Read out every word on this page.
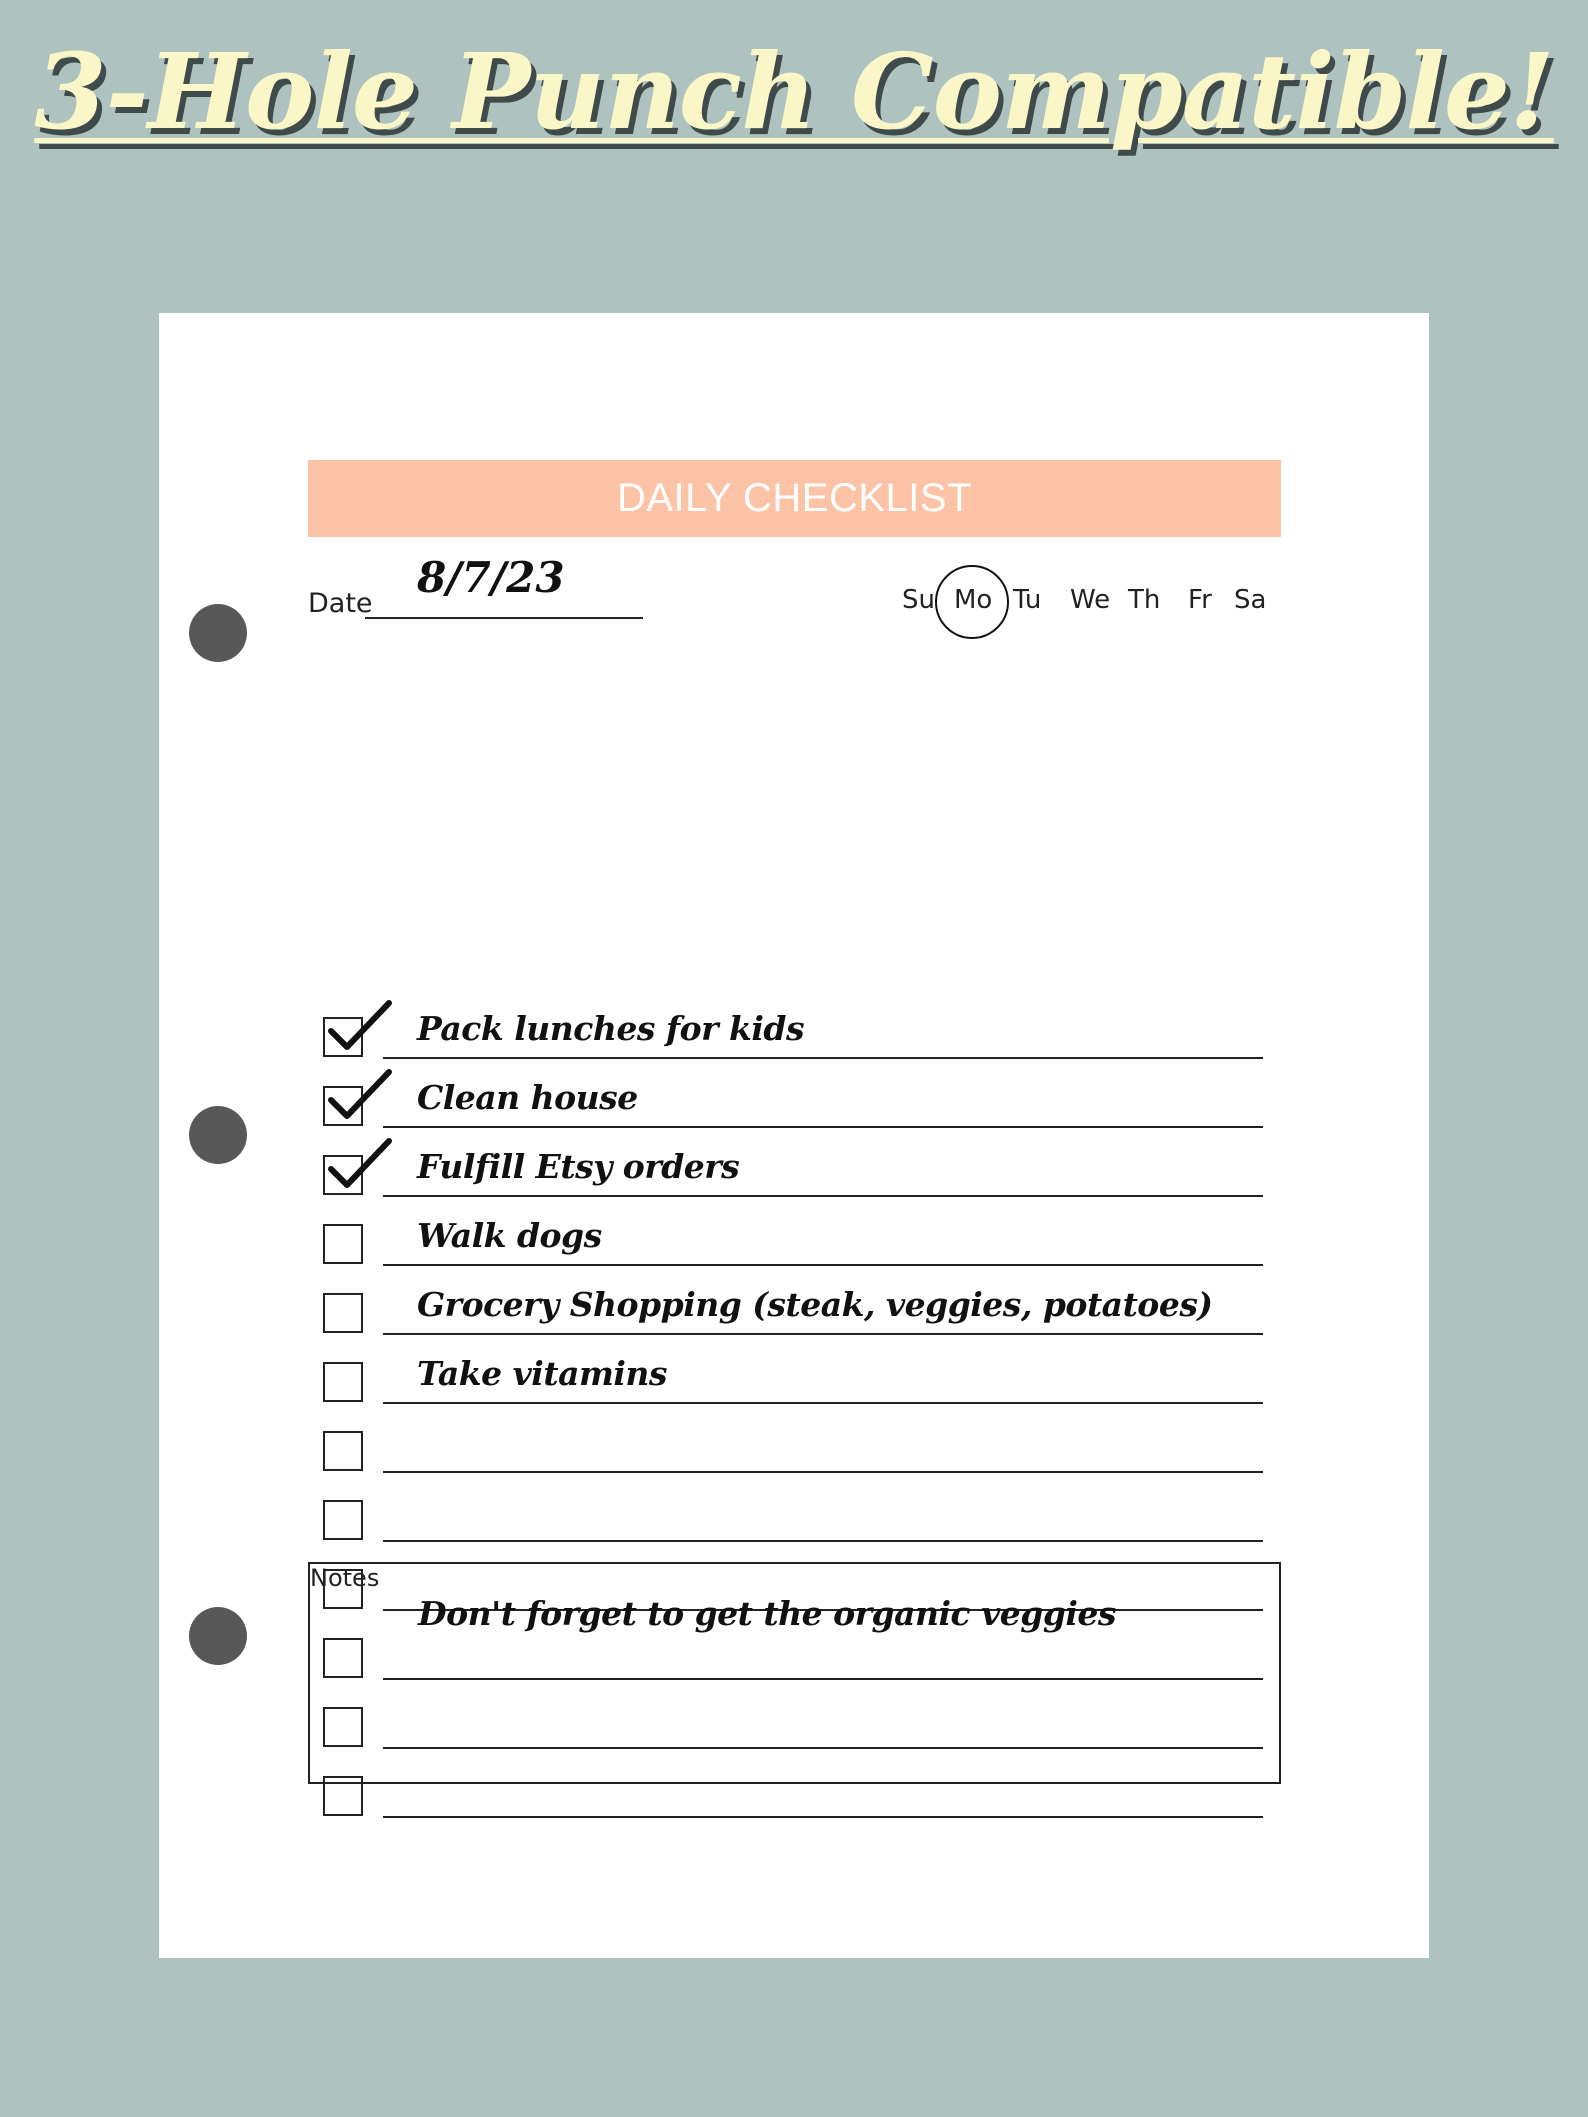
3-Hole Punch Compatible!
DAILY CHECKLIST
Date
8/7/23	Su Mo Tu We Th Fr Sa
Pack lunches for kids
Clean house
Fulfill Etsy orders
Walk dogs
Grocery Shopping (steak, veggies, potatoes)
Take vitamins
Notes
Don't forget to get the organic veggies
